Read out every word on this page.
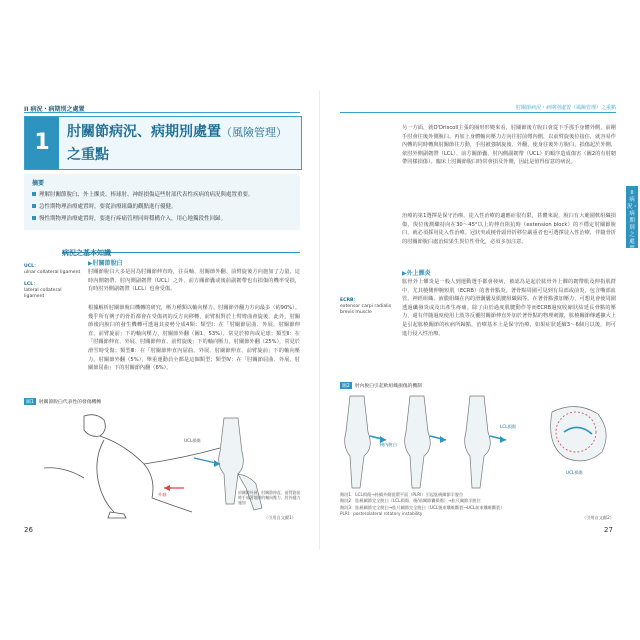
II 病況・病期別之處置
1	肘關節病況、病期別處置（風險管理）
之重點
摘要
理解肘關節脫臼、外上髁炎、棒球肘、神經損傷這些肘部代表性疾病的病況與處置重要。
急性期物理治療處置時，要從治療組織的觀點進行優健。
慢性期物理治療處置時，要進行疼痛管理同時穩構介入，用心地獨段性回歸。
病況之基本知識
▶肘關節脫臼
肘關節脫臼大多是因為肘關節伸直時，往長軸、肘關節外翻、前臂旋後方向施加了力量，這時內側韌帶、肘內側副韌帶（UCL）之外，前方關節囊或後前副韌帶也有損傷的機率受損，有時肘外側副韌帶（LCL）也會受傷。
根據解析肘關節脫臼機轉的研究，壓力種類以軸向壓力、肘關節外翻力方向最多（約90%）。幾乎所有例子的骨折都會在受傷初的反方向移轉，前臂相對於上臂彎曲會旋後，此外，肘關節後向脫臼的發生機轉可透過其姿勢分成4類：類型Ⅰ：在「肘關節屈曲、外展、肘關節伸直、前臂旋前」下的軸向壓力，肘關節外翻（圖1，53%），常見於掉內或足球；類型Ⅱ：在「肘關節伸直、外展、肘關節伸直、前臂旋後」下的軸向壓力，肘關節外翻（25%），常見於滑雪時受傷；類型Ⅲ：在「肘關節伸直內屈曲、外展、肘關節伸直、前臂旋前」下的軸向壓力，肘關節外翻（5%），舉重運動員全都是這個類型；類型Ⅳ：在「肘關節屈曲、外展、肘關節屈曲」下的肘關節內翻（6%）。
UCL：
ulnar collateral ligament
LCL：
lateral collateral ligament
圖1 肘關節脫臼代表性的發傷機轉
UCL損傷
外翻	肩關節外展、肘關節伸直、前臂旋前時手部著地時的軸向壓力，肘外翻力施加
（引用自文獻1）
26
肘關節病況・病期別處置（風險管理）之重點
II 病況・病期別之處置
另一方面，就O'Driscoll主張的圈形形變來看，肘關節後方脫臼會從下手那手身體外側，前剛手肘會往後外側脫臼。再加上身體軸向壓力方向往肘前彎內側，以前臂旋後位接住，就容易作內轉的同時轉與肘關節往方動，手肘被強制旋後、外翻，使身往後外方脫臼，損傷起於外側，依肘外側副韌帶（LCL）、前方關節囊、肘內側副韌帶（UCL）的順序造成傷害（圖2的有肘韌帶同樣損傷）。臨床上肘關節脫臼時常會損及外側，因此是值得留意的病況。
治療的第1選擇是保守治療。徒入性治療的適應症很有限，甚體來說，脫臼有大範圍軟組織損傷，復位後測繼持向在30～45°以上的伸直阻抗時（extension block）的不穩定肘關節脫臼，就必須採用徒入性治療。冠狀突或橈骨頭骨折移位嚴重者也可選擇徒入性治療，伴隨骨折的肘關節脫臼處治結果生異位性骨化，必須多加注意。
▶外上髁炎
肱骨外上髁炎是一般人到運動選手都會發病，被認為是起於肱骨外上髁的韌帶肌及伸指肌群中，尤其橈側伸腕短肌（ECRB）的著骨點炎。著骨點周圍可見到有局部或前炎，包含嘴部血管、神經組織、液膜組織在內的滑囊囊及肌腱組織隔等。在著骨點強加壓力，可想見會使周圍透過纖發炎或及出產生疼痛。除了由於過度肌腱動作等而ECRB過度收縮狀結延長骨點的壓力，還有伴隨過度使用上肢等反覆肘關節伸直外加於著骨點的物理刺激，肱橈關節傳遞擴大上是引起肱橈關節的疾病所歸點，治療基本上是保守治療，如果症狀延續3～6個月以後，則可進行侵入性治療。
ECRB：
extensor carpi radialis brevis muscle
圖2 肘內脫臼引起軟組織損傷的機制
橈內脫臼
LCL損傷
UCL損傷
階段1：LCL損傷→持續外側從環平面（PLRI）引起肱橈關節半脫位
階段2：肱橈關節完全脫臼（LCL損傷、後/前關節囊損傷）→肱尺關節半脫位
階段3：肱橈關節完全脫臼→肱尺關節完全脫臼（UCL後束纖維斷裂→UCL前束纖維斷裂）
PLRI：posterolateral rotatory instability
（引用自文獻2）
27
